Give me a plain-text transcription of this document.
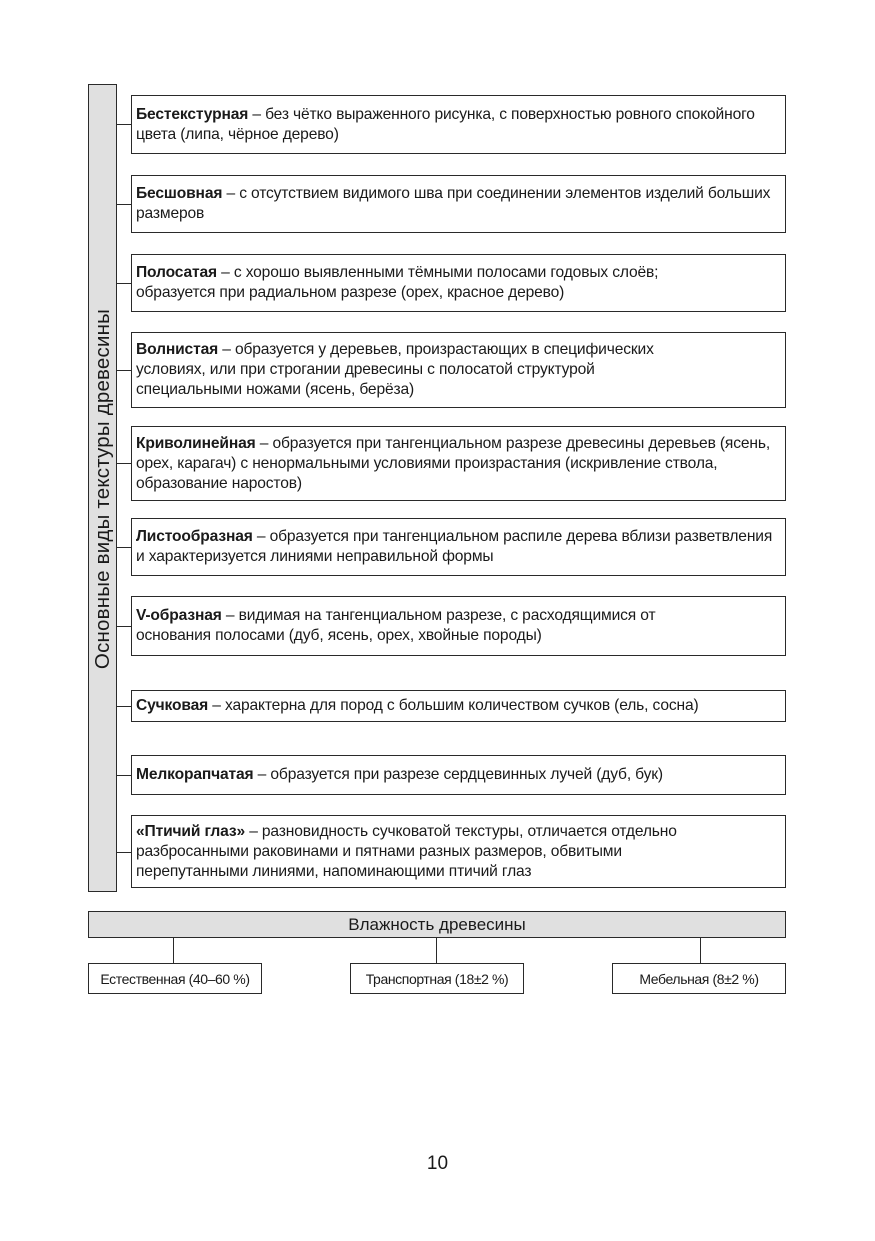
Основные виды текстуры древесины

Бестекстурная – без чётко выраженного рисунка, с поверхностью ровного спокойного цвета (липа, чёрное дерево)

Бесшовная – с отсутствием видимого шва при соединении элементов изделий больших размеров

Полосатая – с хорошо выявленными тёмными полосами годовых слоёв; образуется при радиальном разрезе (орех, красное дерево)

Волнистая – образуется у деревьев, произрастающих в специфических условиях, или при строгании древесины с полосатой структурой специальными ножами (ясень, берёза)

Криволинейная – образуется при тангенциальном разрезе древесины деревьев (ясень, орех, карагач) с ненормальными условиями произрастания (искривление ствола, образование наростов)

Листообразная – образуется при тангенциальном распиле дерева вблизи разветвления и характеризуется линиями неправильной формы

V-образная – видимая на тангенциальном разрезе, с расходящимися от основания полосами (дуб, ясень, орех, хвойные породы)

Сучковая – характерна для пород с большим количеством сучков (ель, сосна)

Мелкорапчатая – образуется при разрезе сердцевинных лучей (дуб, бук)

«Птичий глаз» – разновидность сучковатой текстуры, отличается отдельно разбросанными раковинами и пятнами разных размеров, обвитыми перепутанными линиями, напоминающими птичий глаз

Влажность древесины
Естественная (40–60 %)	Транспортная (18±2 %)	Мебельная (8±2 %)
10
